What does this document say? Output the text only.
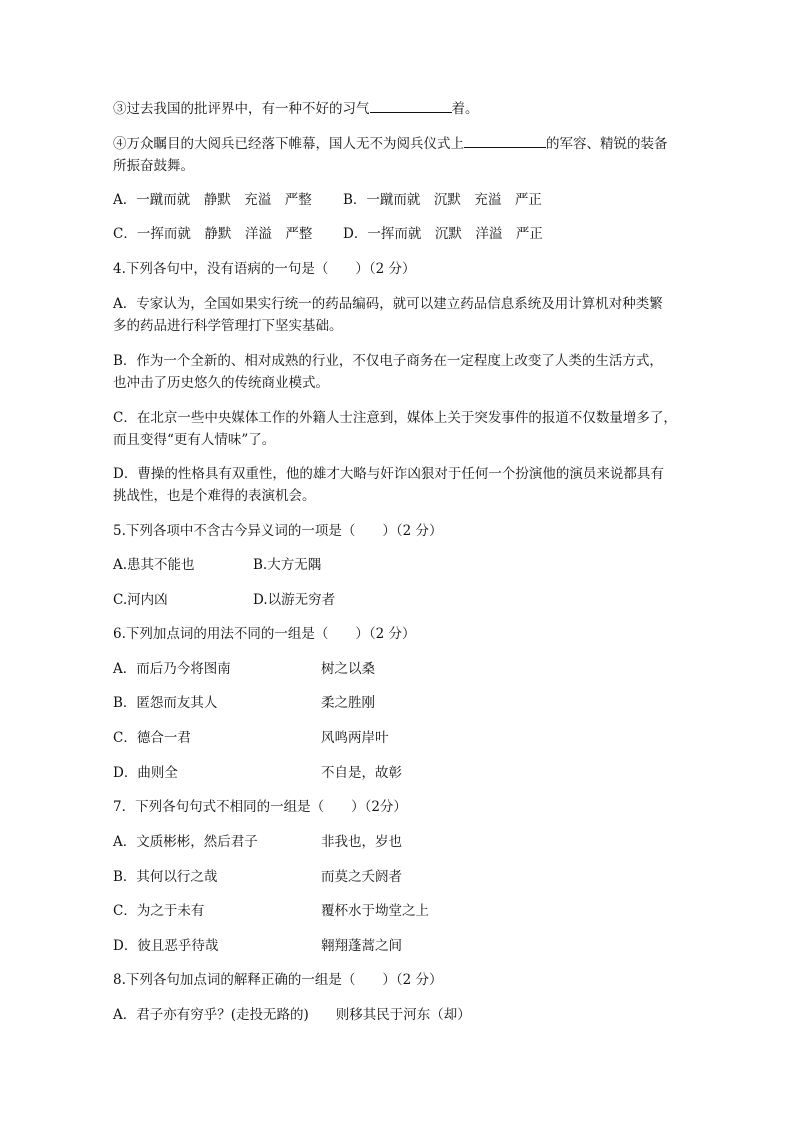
③过去我国的批评界中，有一种不好的习气	着。
④万众瞩目的大阅兵已经落下帷幕，国人无不为阅兵仪式上	的军容、精锐的装备
所振奋鼓舞。
A．一蹴而就　静默　充溢　严整 B．一蹴而就　沉默　充溢　严正
C．一挥而就　静默　洋溢　严整 D．一挥而就　沉默　洋溢　严正
4.下列各句中，没有语病的一句是（　　）（2 分）
A．专家认为，全国如果实行统一的药品编码，就可以建立药品信息系统及用计算机对种类繁
多的药品进行科学管理打下坚实基础。
B．作为一个全新的、相对成熟的行业，不仅电子商务在一定程度上改变了人类的生活方式，
也冲击了历史悠久的传统商业模式。
C．在北京一些中央媒体工作的外籍人士注意到，媒体上关于突发事件的报道不仅数量增多了，
而且变得“更有人情味”了。
D．曹操的性格具有双重性，他的雄才大略与奸诈凶狠对于任何一个扮演他的演员来说都具有
挑战性，也是个难得的表演机会。
5.下列各项中不含古今异义词的一项是（　　）（2 分）
A.患其不能也	B.大方无隅
C.河内凶	D.以游无穷者
6.下列加点词的用法不同的一组是（　　）（2 分）
A．而后乃今将图南	树之以桑
B．匿怨而友其人	柔之胜刚
C．德合一君	风鸣两岸叶
D．曲则全	不自是，故彰
7．下列各句句式不相同的一组是（　　）（2分）
A．文质彬彬，然后君子	非我也，岁也
B．其何以行之哉	而莫之夭阏者
C．为之于未有	覆杯水于坳堂之上
D．彼且恶乎待哉	翱翔蓬蒿之间
8.下列各句加点词的解释正确的一组是（　　）（2 分）
A．君子亦有穷乎？(走投无路的)　　则移其民于河东（却）
